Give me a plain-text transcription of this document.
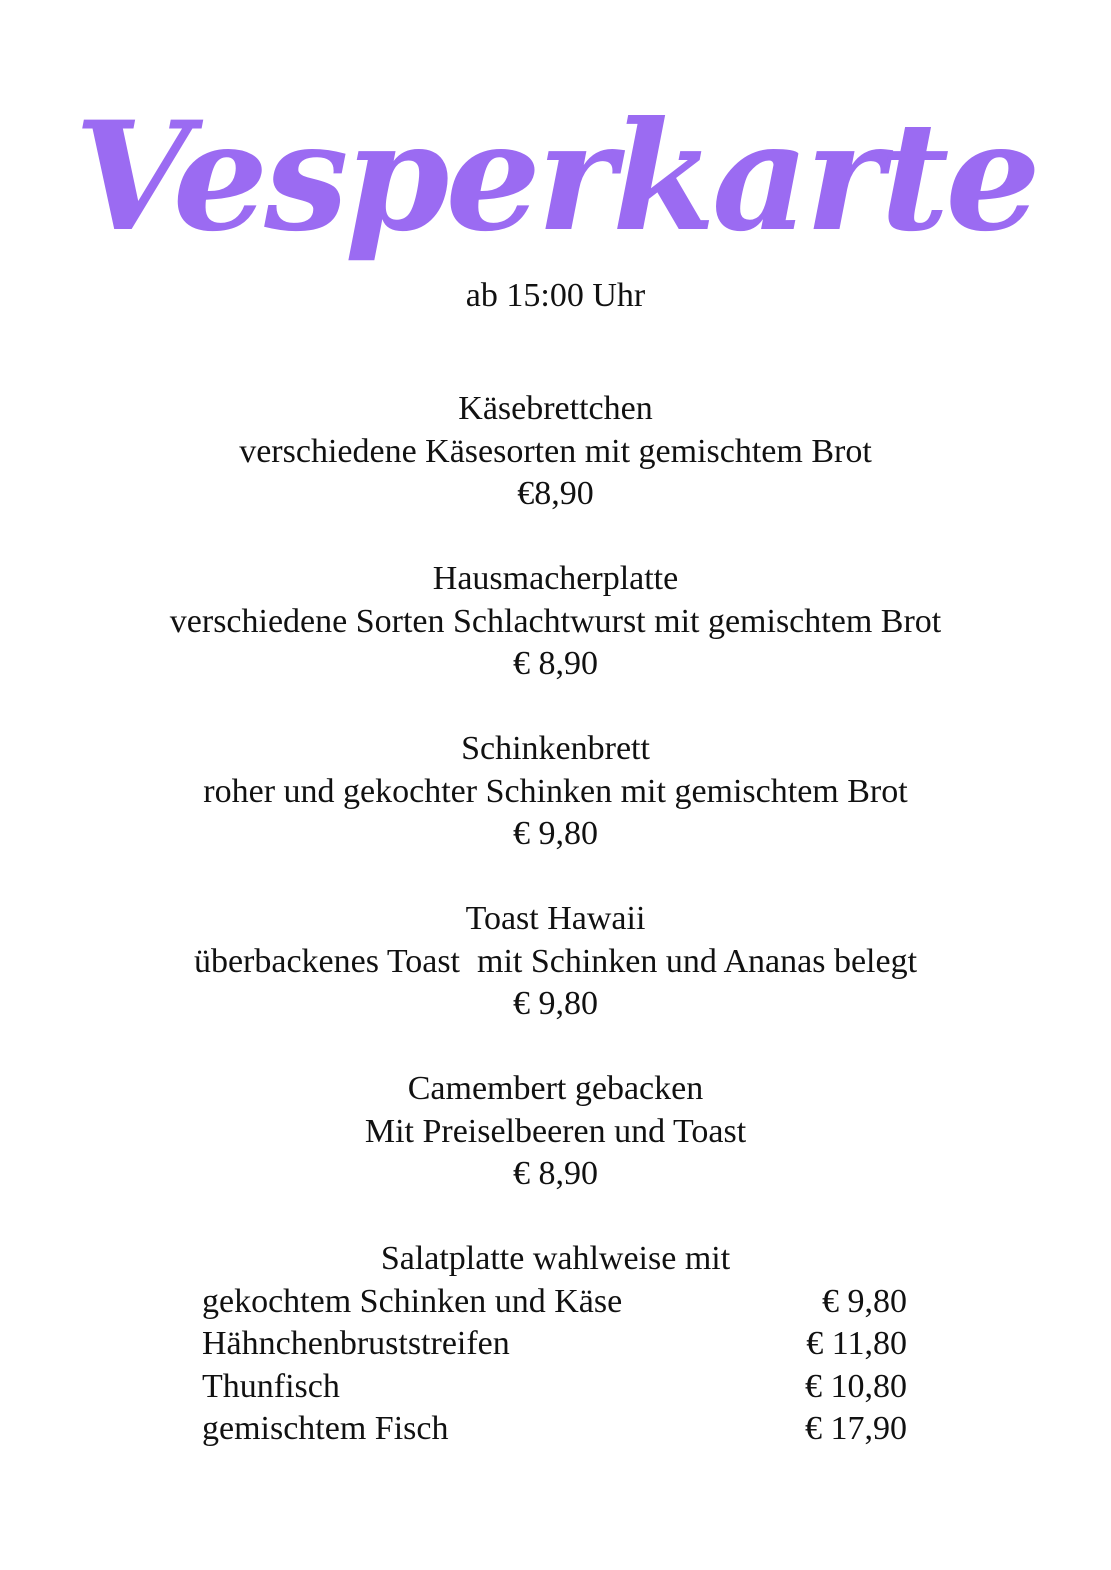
Vesperkarte
ab 15:00 Uhr
Käsebrettchen
verschiedene Käsesorten mit gemischtem Brot
€8,90
Hausmacherplatte
verschiedene Sorten Schlachtwurst mit gemischtem Brot
€ 8,90
Schinkenbrett
roher und gekochter Schinken mit gemischtem Brot
€ 9,80
Toast Hawaii
überbackenes Toast  mit Schinken und Ananas belegt
€ 9,80
Camembert gebacken
Mit Preiselbeeren und Toast
€ 8,90
Salatplatte wahlweise mit
gekochtem Schinken und Käse	€ 9,80
Hähnchenbruststreifen	€ 11,80
Thunfisch	€ 10,80
gemischtem Fisch	€ 17,90
